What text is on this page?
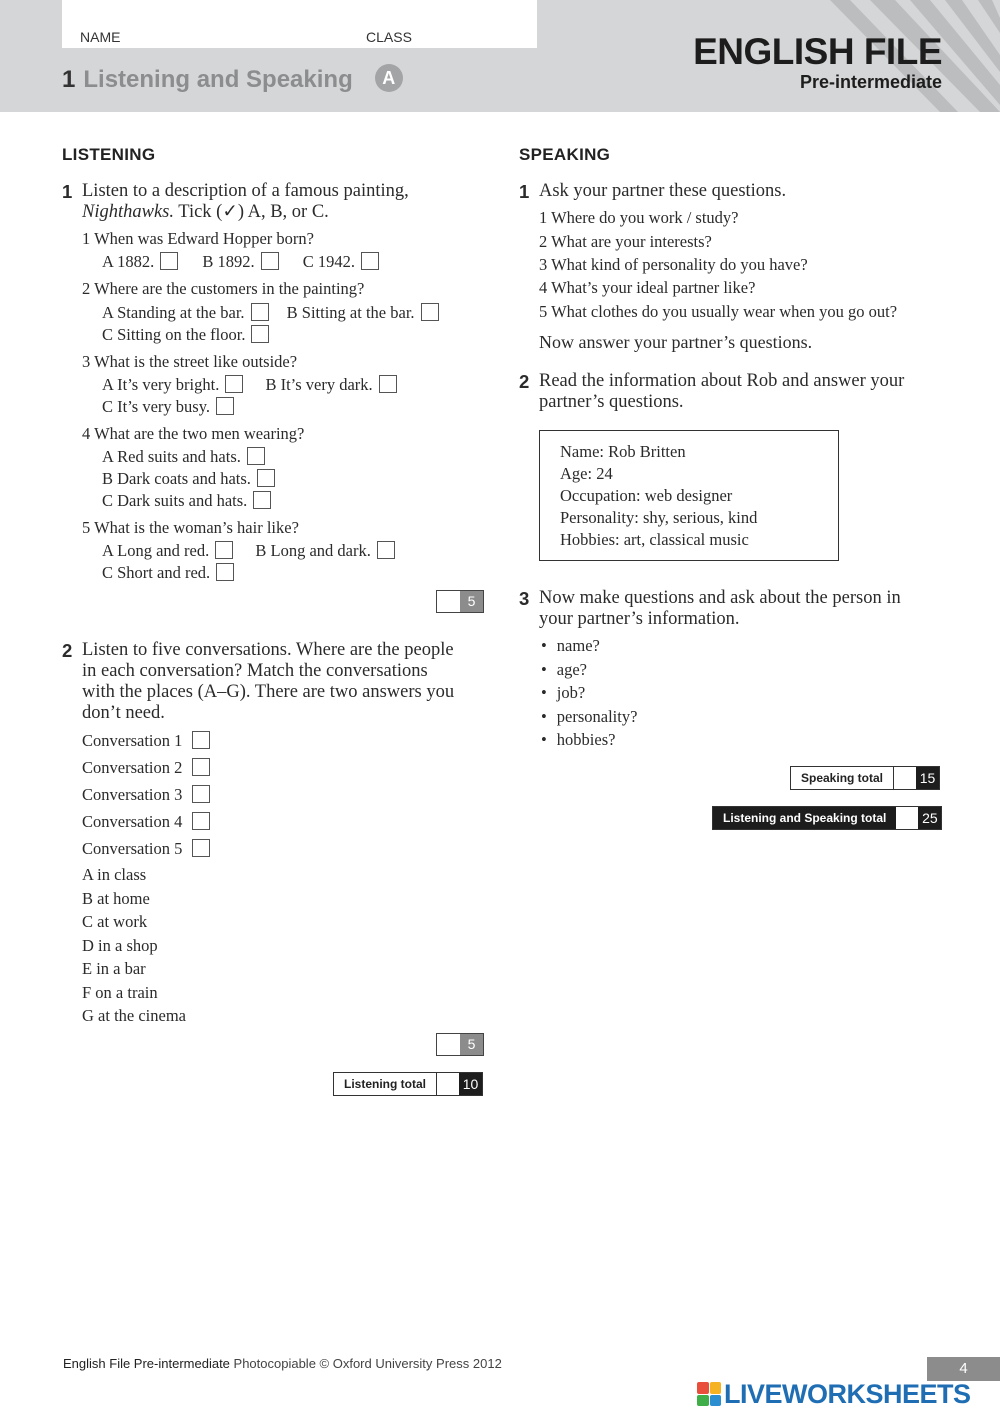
NAME	CLASS
1 Listening and Speaking A
ENGLISH FILE
Pre-intermediate
LISTENING
1 Listen to a description of a famous painting,
Nighthawks. Tick (✓) A, B, or C.
1 When was Edward Hopper born?
A 1882.	B 1892.	C 1942.
2 Where are the customers in the painting?
A Standing at the bar.	B Sitting at the bar.
C Sitting on the floor.
3 What is the street like outside?
A It’s very bright.	B It’s very dark.
C It’s very busy.
4 What are the two men wearing?
A Red suits and hats.
B Dark coats and hats.
C Dark suits and hats.
5 What is the woman’s hair like?
A Long and red.	B Long and dark.
C Short and red.
5
2 Listen to five conversations. Where are the people
in each conversation? Match the conversations
with the places (A–G). There are two answers you
don’t need.
Conversation 1
Conversation 2
Conversation 3
Conversation 4
Conversation 5
A in class
B at home
C at work
D in a shop
E in a bar
F on a train
G at the cinema
5
Listening total	10
SPEAKING
1 Ask your partner these questions.
1 Where do you work / study?
2 What are your interests?
3 What kind of personality do you have?
4 What’s your ideal partner like?
5 What clothes do you usually wear when you go out?
Now answer your partner’s questions.
2 Read the information about Rob and answer your
partner’s questions.
Name: Rob Britten
Age: 24
Occupation: web designer
Personality: shy, serious, kind
Hobbies: art, classical music
3 Now make questions and ask about the person in
your partner’s information.
• name?
• age?
• job?
• personality?
• hobbies?
Speaking total	15
Listening and Speaking total	25
English File Pre-intermediate Photocopiable © Oxford University Press 2012	4
LIVEWORKSHEETS
